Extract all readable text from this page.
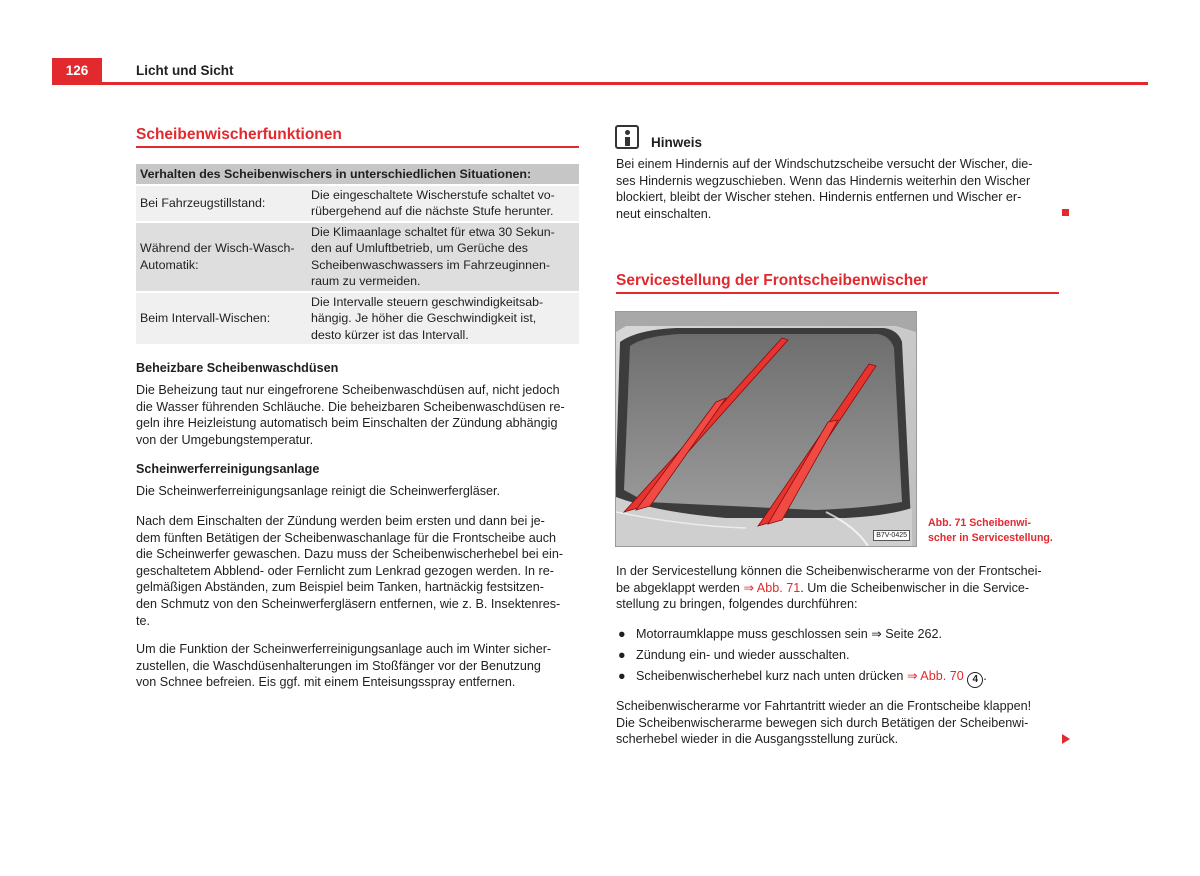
126	Licht und Sicht
Scheibenwischerfunktionen
Verhalten des Scheibenwischers in unterschiedlichen Situationen:	
Bei Fahrzeugstillstand:	Die eingeschaltete Wischerstufe schaltet vo-
rübergehend auf die nächste Stufe herunter.
Während der Wisch-Wasch-
Automatik:	Die Klimaanlage schaltet für etwa 30 Sekun-
den auf Umluftbetrieb, um Gerüche des
Scheibenwaschwassers im Fahrzeuginnen-
raum zu vermeiden.
Beim Intervall-Wischen:	Die Intervalle steuern geschwindigkeitsab-
hängig. Je höher die Geschwindigkeit ist,
desto kürzer ist das Intervall.
Beheizbare Scheibenwaschdüsen
Die Beheizung taut nur eingefrorene Scheibenwaschdüsen auf, nicht jedoch
die Wasser führenden Schläuche. Die beheizbaren Scheibenwaschdüsen re-
geln ihre Heizleistung automatisch beim Einschalten der Zündung abhängig
von der Umgebungstemperatur.
Scheinwerferreinigungsanlage
Die Scheinwerferreinigungsanlage reinigt die Scheinwerfergläser.
Nach dem Einschalten der Zündung werden beim ersten und dann bei je-
dem fünften Betätigen der Scheibenwaschanlage für die Frontscheibe auch
die Scheinwerfer gewaschen. Dazu muss der Scheibenwischerhebel bei ein-
geschaltetem Abblend- oder Fernlicht zum Lenkrad gezogen werden. In re-
gelmäßigen Abständen, zum Beispiel beim Tanken, hartnäckig festsitzen-
den Schmutz von den Scheinwerfergläsern entfernen, wie z. B. Insektenres-
te.
Um die Funktion der Scheinwerferreinigungsanlage auch im Winter sicher-
zustellen, die Waschdüsenhalterungen im Stoßfänger vor der Benutzung
von Schnee befreien. Eis ggf. mit einem Enteisungsspray entfernen.
Hinweis
Bei einem Hindernis auf der Windschutzscheibe versucht der Wischer, die-
ses Hindernis wegzuschieben. Wenn das Hindernis weiterhin den Wischer
blockiert, bleibt der Wischer stehen. Hindernis entfernen und Wischer er-
neut einschalten.
Servicestellung der Frontscheibenwischer
B7V-0425
Abb. 71 Scheibenwi-
scher in Servicestellung.
In der Servicestellung können die Scheibenwischerarme von der Frontschei-
be abgeklappt werden ⇒ Abb. 71. Um die Scheibenwischer in die Service-
stellung zu bringen, folgendes durchführen:
● Motorraumklappe muss geschlossen sein ⇒ Seite 262.
● Zündung ein- und wieder ausschalten.
● Scheibenwischerhebel kurz nach unten drücken ⇒ Abb. 70 4 .
Scheibenwischerarme vor Fahrtantritt wieder an die Frontscheibe klappen!
Die Scheibenwischerarme bewegen sich durch Betätigen der Scheibenwi-
scherhebel wieder in die Ausgangsstellung zurück.
